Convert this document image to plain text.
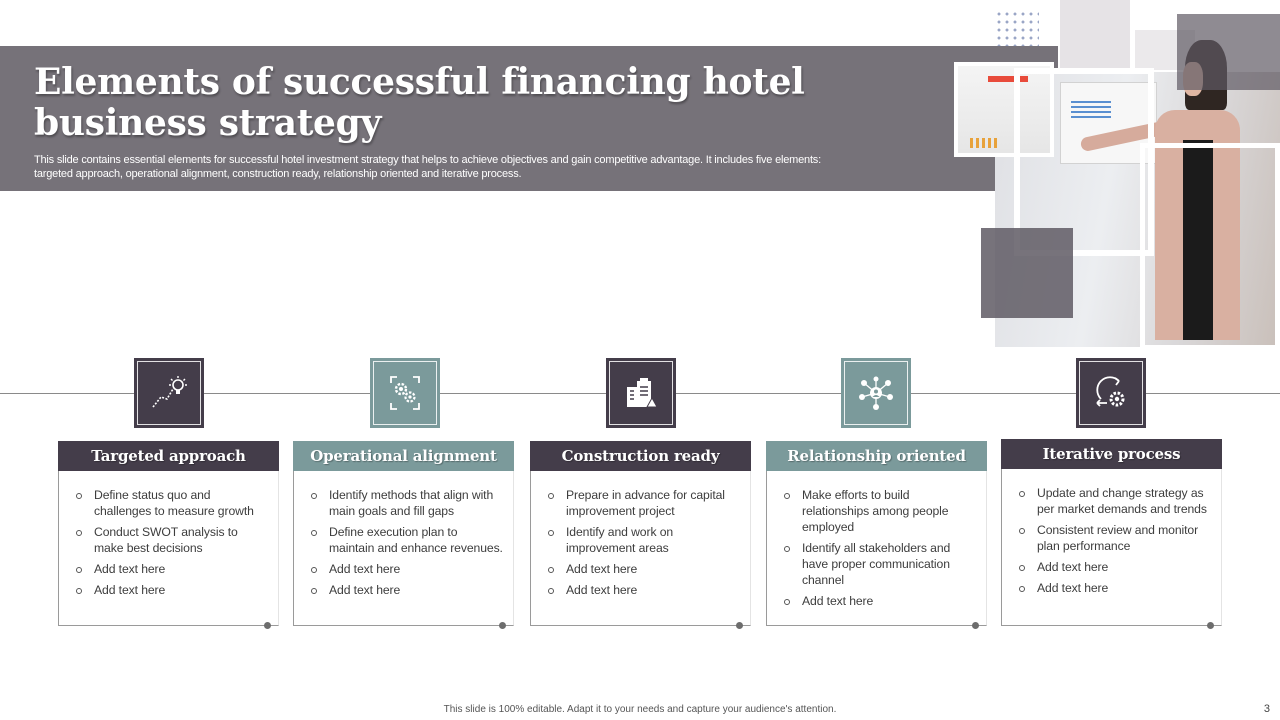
Elements of successful financing hotel business strategy

This slide contains essential elements for successful hotel investment strategy that helps to achieve objectives and gain competitive advantage. It includes five elements: targeted approach, operational alignment, construction ready, relationship oriented and iterative process.

Targeted approach
Define status quo and challenges to measure growth
Conduct SWOT analysis to make best decisions
Add text here
Add text here
Operational alignment
Identify methods that align with main goals and fill gaps
Define execution plan to maintain and enhance revenues.
Add text here
Add text here
Construction ready
Prepare in advance for capital improvement project
Identify and work on improvement areas
Add text here
Add text here
Relationship oriented
Make efforts to build relationships among people employed
Identify all stakeholders and have proper communication channel
Add text here
Iterative process
Update and change strategy as per market demands and trends
Consistent review and monitor plan performance
Add text here
Add text here
This slide is 100% editable. Adapt it to your needs and capture your audience's attention.	3
